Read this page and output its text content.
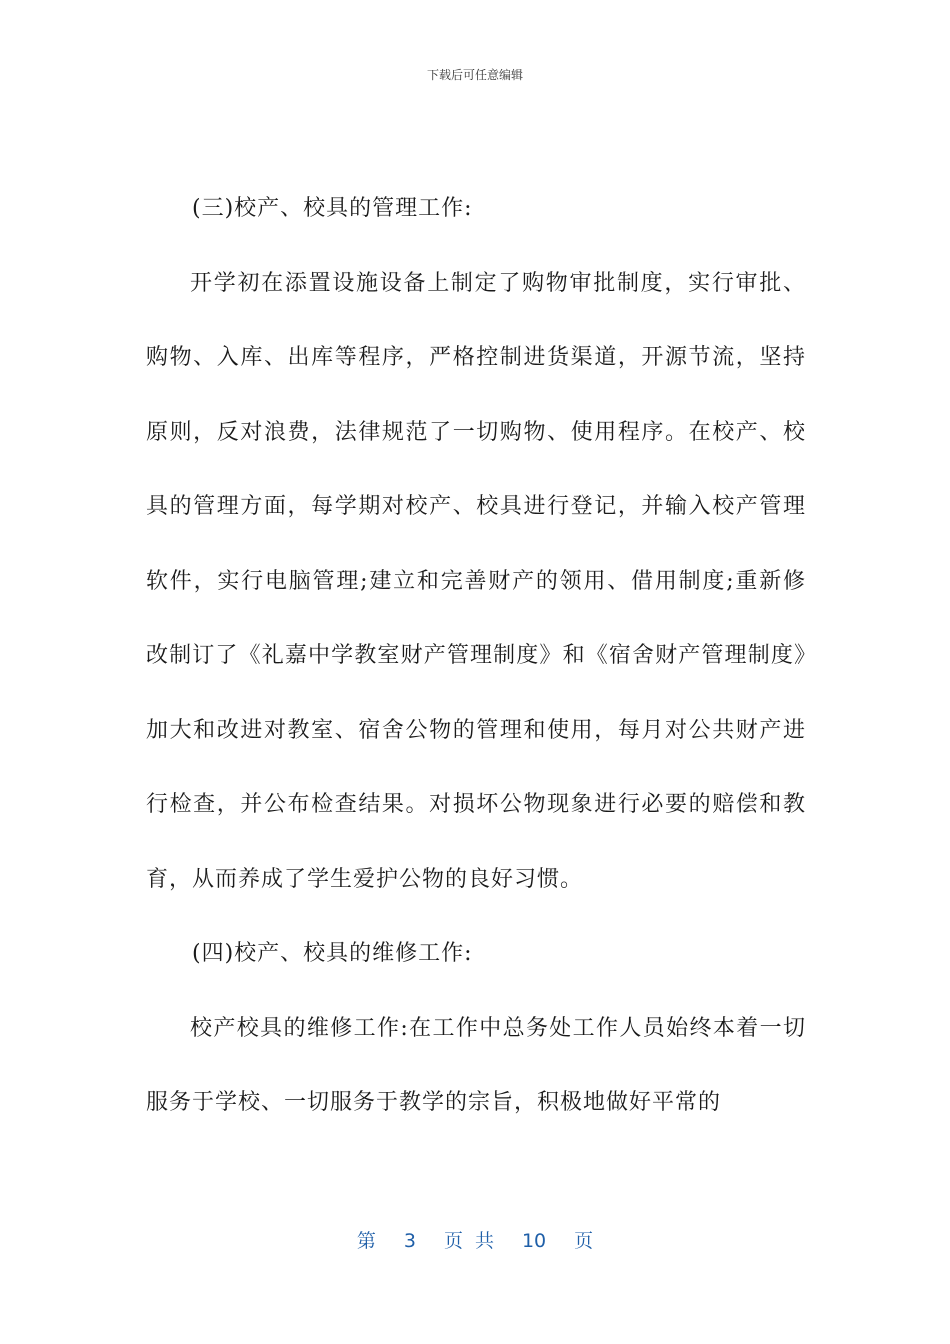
下载后可任意编辑

(三)校产、校具的管理工作:

开学初在添置设施设备上制定了购物审批制度，实行审批、购物、入库、出库等程序，严格控制进货渠道，开源节流，坚持原则，反对浪费，法律规范了一切购物、使用程序。在校产、校具的管理方面，每学期对校产、校具进行登记，并输入校产管理软件，实行电脑管理;建立和完善财产的领用、借用制度;重新修改制订了《礼嘉中学教室财产管理制度》和《宿舍财产管理制度》加大和改进对教室、宿舍公物的管理和使用，每月对公共财产进行检查，并公布检查结果。对损坏公物现象进行必要的赔偿和教育，从而养成了学生爱护公物的良好习惯。

(四)校产、校具的维修工作:

校产校具的维修工作:在工作中总务处工作人员始终本着一切服务于学校、一切服务于教学的宗旨，积极地做好平常的

第 3 页 共 10 页
